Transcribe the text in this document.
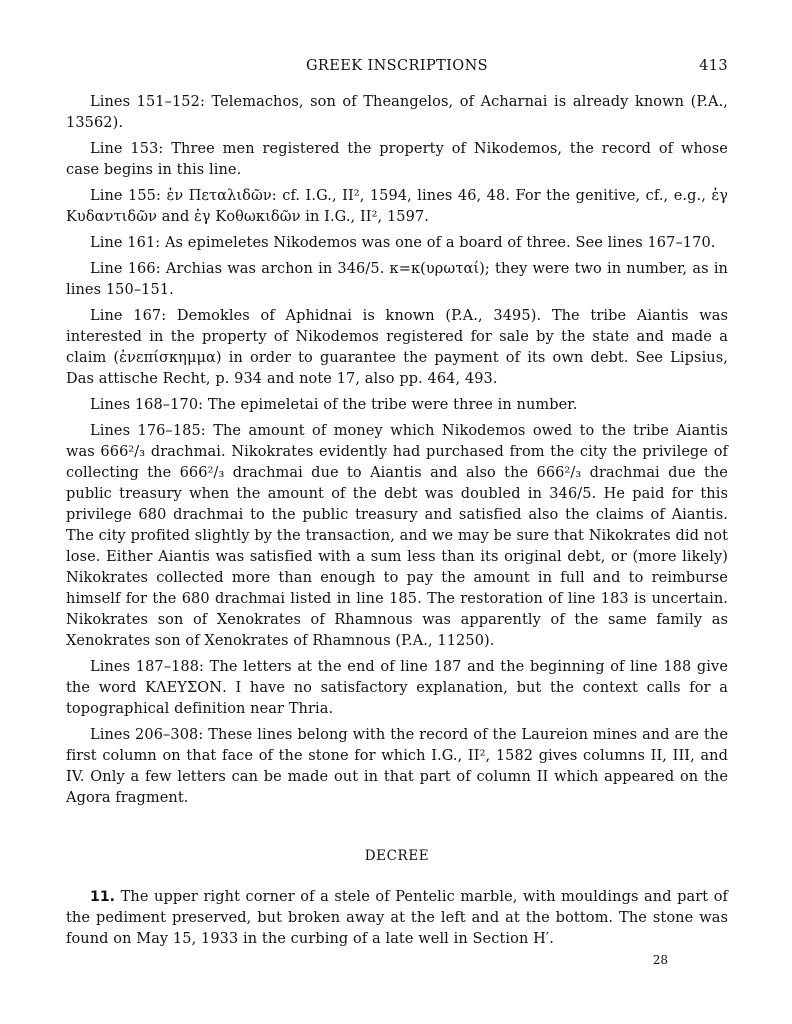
GREEK INSCRIPTIONS	413

Lines 151–152: Telemachos, son of Theangelos, of Acharnai is already known (P.A., 13562).

Line 153: Three men registered the property of Nikodemos, the record of whose case begins in this line.

Line 155: ἐν Πεταλιδῶν: cf. I.G., II², 1594, lines 46, 48. For the genitive, cf., e.g., ἐγ Κυδαντιδῶν and ἐγ Κοθωκιδῶν in I.G., II², 1597.

Line 161: As epimeletes Nikodemos was one of a board of three. See lines 167–170.

Line 166: Archias was archon in 346/5. κ=κ(υρωταί); they were two in number, as in lines 150–151.

Line 167: Demokles of Aphidnai is known (P.A., 3495). The tribe Aiantis was interested in the property of Nikodemos registered for sale by the state and made a claim (ἐνεπίσκημμα) in order to guarantee the payment of its own debt. See Lipsius, Das attische Recht, p. 934 and note 17, also pp. 464, 493.

Lines 168–170: The epimeletai of the tribe were three in number.

Lines 176–185: The amount of money which Nikodemos owed to the tribe Aiantis was 666²/₃ drachmai. Nikokrates evidently had purchased from the city the privilege of collecting the 666²/₃ drachmai due to Aiantis and also the 666²/₃ drachmai due the public treasury when the amount of the debt was doubled in 346/5. He paid for this privilege 680 drachmai to the public treasury and satisfied also the claims of Aiantis. The city profited slightly by the transaction, and we may be sure that Nikokrates did not lose. Either Aiantis was satisfied with a sum less than its original debt, or (more likely) Nikokrates collected more than enough to pay the amount in full and to reimburse himself for the 680 drachmai listed in line 185. The restoration of line 183 is uncertain. Nikokrates son of Xenokrates of Rhamnous was apparently of the same family as Xenokrates son of Xenokrates of Rhamnous (P.A., 11250).

Lines 187–188: The letters at the end of line 187 and the beginning of line 188 give the word ΚΛΕΥΣΟΝ. I have no satisfactory explanation, but the context calls for a topographical definition near Thria.

Lines 206–308: These lines belong with the record of the Laureion mines and are the first column on that face of the stone for which I.G., II², 1582 gives columns II, III, and IV. Only a few letters can be made out in that part of column II which appeared on the Agora fragment.

DECREE

11. The upper right corner of a stele of Pentelic marble, with mouldings and part of the pediment preserved, but broken away at the left and at the bottom. The stone was found on May 15, 1933 in the curbing of a late well in Section Η′.

28
